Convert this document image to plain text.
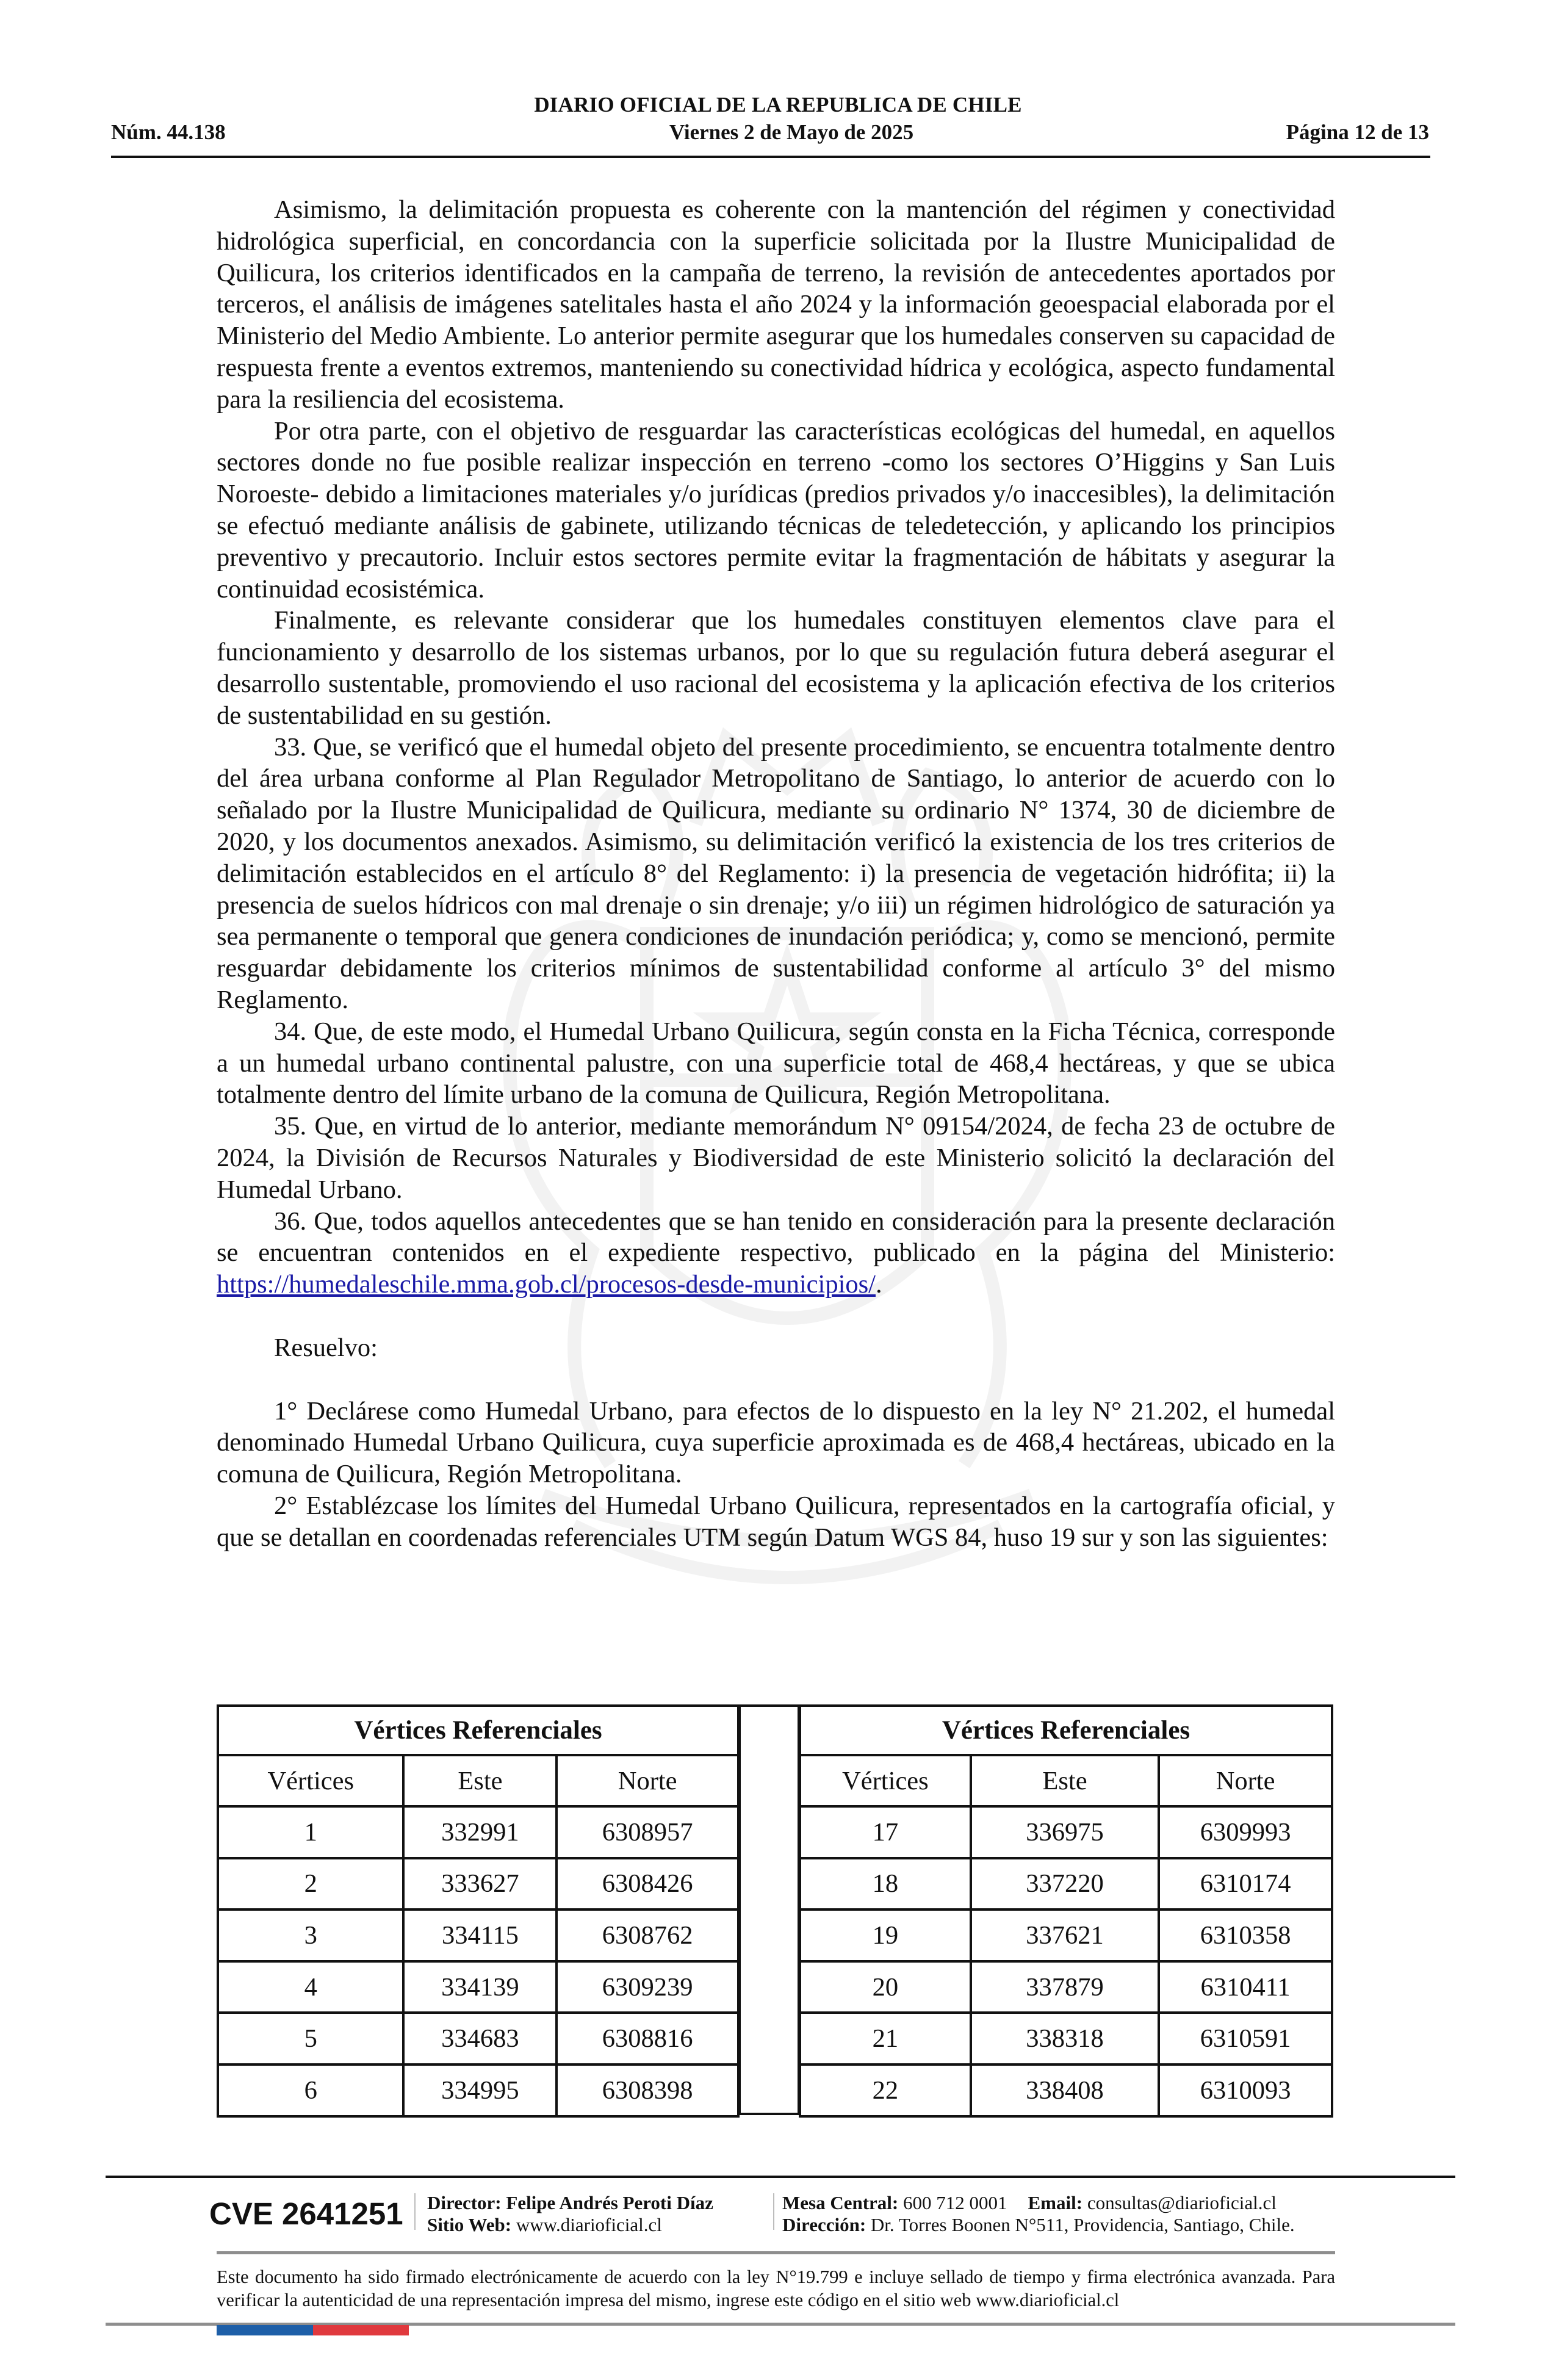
DIARIO OFICIAL DE LA REPUBLICA DE CHILE
Núm. 44.138	Viernes 2 de Mayo de 2025	Página 12 de 13

Asimismo, la delimitación propuesta es coherente con la mantención del régimen y conectividad hidrológica superficial, en concordancia con la superficie solicitada por la Ilustre Municipalidad de Quilicura, los criterios identificados en la campaña de terreno, la revisión de antecedentes aportados por terceros, el análisis de imágenes satelitales hasta el año 2024 y la información geoespacial elaborada por el Ministerio del Medio Ambiente. Lo anterior permite asegurar que los humedales conserven su capacidad de respuesta frente a eventos extremos, manteniendo su conectividad hídrica y ecológica, aspecto fundamental para la resiliencia del ecosistema.

Por otra parte, con el objetivo de resguardar las características ecológicas del humedal, en aquellos sectores donde no fue posible realizar inspección en terreno -como los sectores O’Higgins y San Luis Noroeste- debido a limitaciones materiales y/o jurídicas (predios privados y/o inaccesibles), la delimitación se efectuó mediante análisis de gabinete, utilizando técnicas de teledetección, y aplicando los principios preventivo y precautorio. Incluir estos sectores permite evitar la fragmentación de hábitats y asegurar la continuidad ecosistémica.

Finalmente, es relevante considerar que los humedales constituyen elementos clave para el funcionamiento y desarrollo de los sistemas urbanos, por lo que su regulación futura deberá asegurar el desarrollo sustentable, promoviendo el uso racional del ecosistema y la aplicación efectiva de los criterios de sustentabilidad en su gestión.

33. Que, se verificó que el humedal objeto del presente procedimiento, se encuentra totalmente dentro del área urbana conforme al Plan Regulador Metropolitano de Santiago, lo anterior de acuerdo con lo señalado por la Ilustre Municipalidad de Quilicura, mediante su ordinario N° 1374, 30 de diciembre de 2020, y los documentos anexados. Asimismo, su delimitación verificó la existencia de los tres criterios de delimitación establecidos en el artículo 8° del Reglamento: i) la presencia de vegetación hidrófita; ii) la presencia de suelos hídricos con mal drenaje o sin drenaje; y/o iii) un régimen hidrológico de saturación ya sea permanente o temporal que genera condiciones de inundación periódica; y, como se mencionó, permite resguardar debidamente los criterios mínimos de sustentabilidad conforme al artículo 3° del mismo Reglamento.

34. Que, de este modo, el Humedal Urbano Quilicura, según consta en la Ficha Técnica, corresponde a un humedal urbano continental palustre, con una superficie total de 468,4 hectáreas, y que se ubica totalmente dentro del límite urbano de la comuna de Quilicura, Región Metropolitana.

35. Que, en virtud de lo anterior, mediante memorándum N° 09154/2024, de fecha 23 de octubre de 2024, la División de Recursos Naturales y Biodiversidad de este Ministerio solicitó la declaración del Humedal Urbano.

36. Que, todos aquellos antecedentes que se han tenido en consideración para la presente declaración se encuentran contenidos en el expediente respectivo, publicado en la página del Ministerio: https://humedaleschile.mma.gob.cl/procesos-desde-municipios/.

Resuelvo:

1° Declárese como Humedal Urbano, para efectos de lo dispuesto en la ley N° 21.202, el humedal denominado Humedal Urbano Quilicura, cuya superficie aproximada es de 468,4 hectáreas, ubicado en la comuna de Quilicura, Región Metropolitana.

2° Establézcase los límites del Humedal Urbano Quilicura, representados en la cartografía oficial, y que se detallan en coordenadas referenciales UTM según Datum WGS 84, huso 19 sur y son las siguientes:

Vértices Referenciales		
Vértices	Este	Norte
1	332991	6308957
2	333627	6308426
3	334115	6308762
4	334139	6309239
5	334683	6308816
6	334995	6308398
Vértices Referenciales		
Vértices	Este	Norte
17	336975	6309993
18	337220	6310174
19	337621	6310358
20	337879	6310411
21	338318	6310591
22	338408	6310093
CVE 2641251 Director: Felipe Andrés Peroti Díaz
Sitio Web: www.diarioficial.cl
Mesa Central: 600 712 0001 Email: consultas@diarioficial.cl
Dirección: Dr. Torres Boonen N°511, Providencia, Santiago, Chile.
Este documento ha sido firmado electrónicamente de acuerdo con la ley N°19.799 e incluye sellado de tiempo y firma electrónica avanzada. Para verificar la autenticidad de una representación impresa del mismo, ingrese este código en el sitio web www.diarioficial.cl
